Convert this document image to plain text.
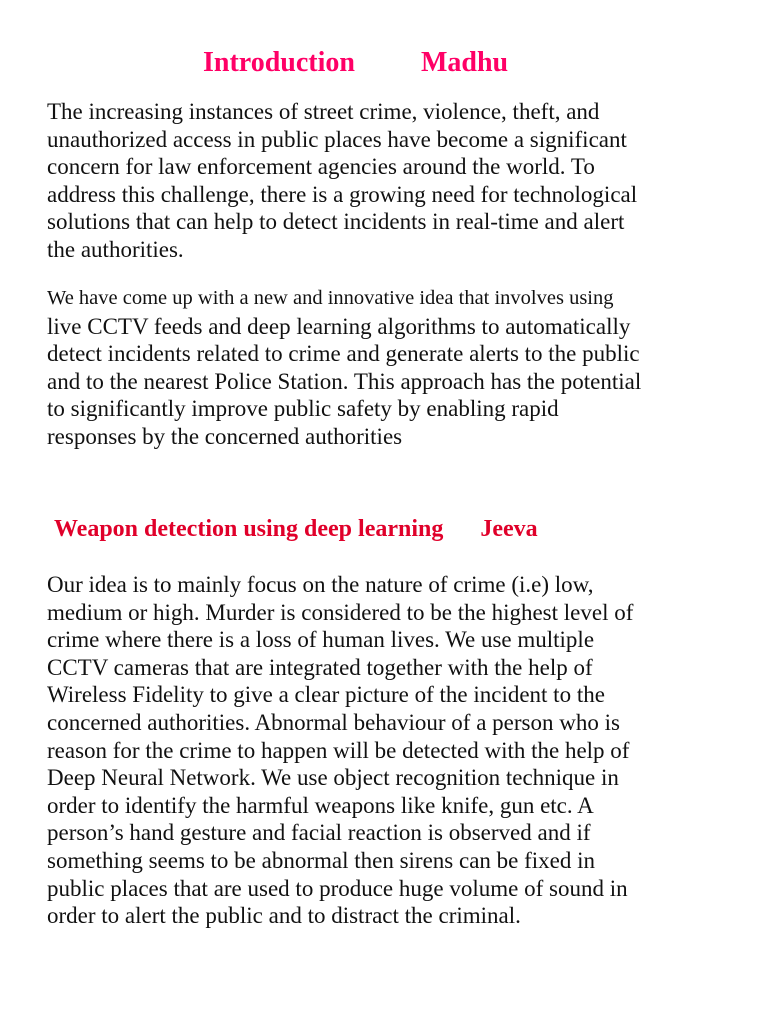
Introduction Madhu

The increasing instances of street crime, violence, theft, and
unauthorized access in public places have become a significant
concern for law enforcement agencies around the world. To
address this challenge, there is a growing need for technological
solutions that can help to detect incidents in real-time and alert
the authorities.

We have come up with a new and innovative idea that involves using
live CCTV feeds and deep learning algorithms to automatically
detect incidents related to crime and generate alerts to the public
and to the nearest Police Station. This approach has the potential
to significantly improve public safety by enabling rapid
responses by the concerned authorities

Weapon detection using deep learning Jeeva

Our idea is to mainly focus on the nature of crime (i.e) low,
medium or high. Murder is considered to be the highest level of
crime where there is a loss of human lives. We use multiple
CCTV cameras that are integrated together with the help of
Wireless Fidelity to give a clear picture of the incident to the
concerned authorities. Abnormal behaviour of a person who is
reason for the crime to happen will be detected with the help of
Deep Neural Network. We use object recognition technique in
order to identify the harmful weapons like knife, gun etc. A
person’s hand gesture and facial reaction is observed and if
something seems to be abnormal then sirens can be fixed in
public places that are used to produce huge volume of sound in
order to alert the public and to distract the criminal.
